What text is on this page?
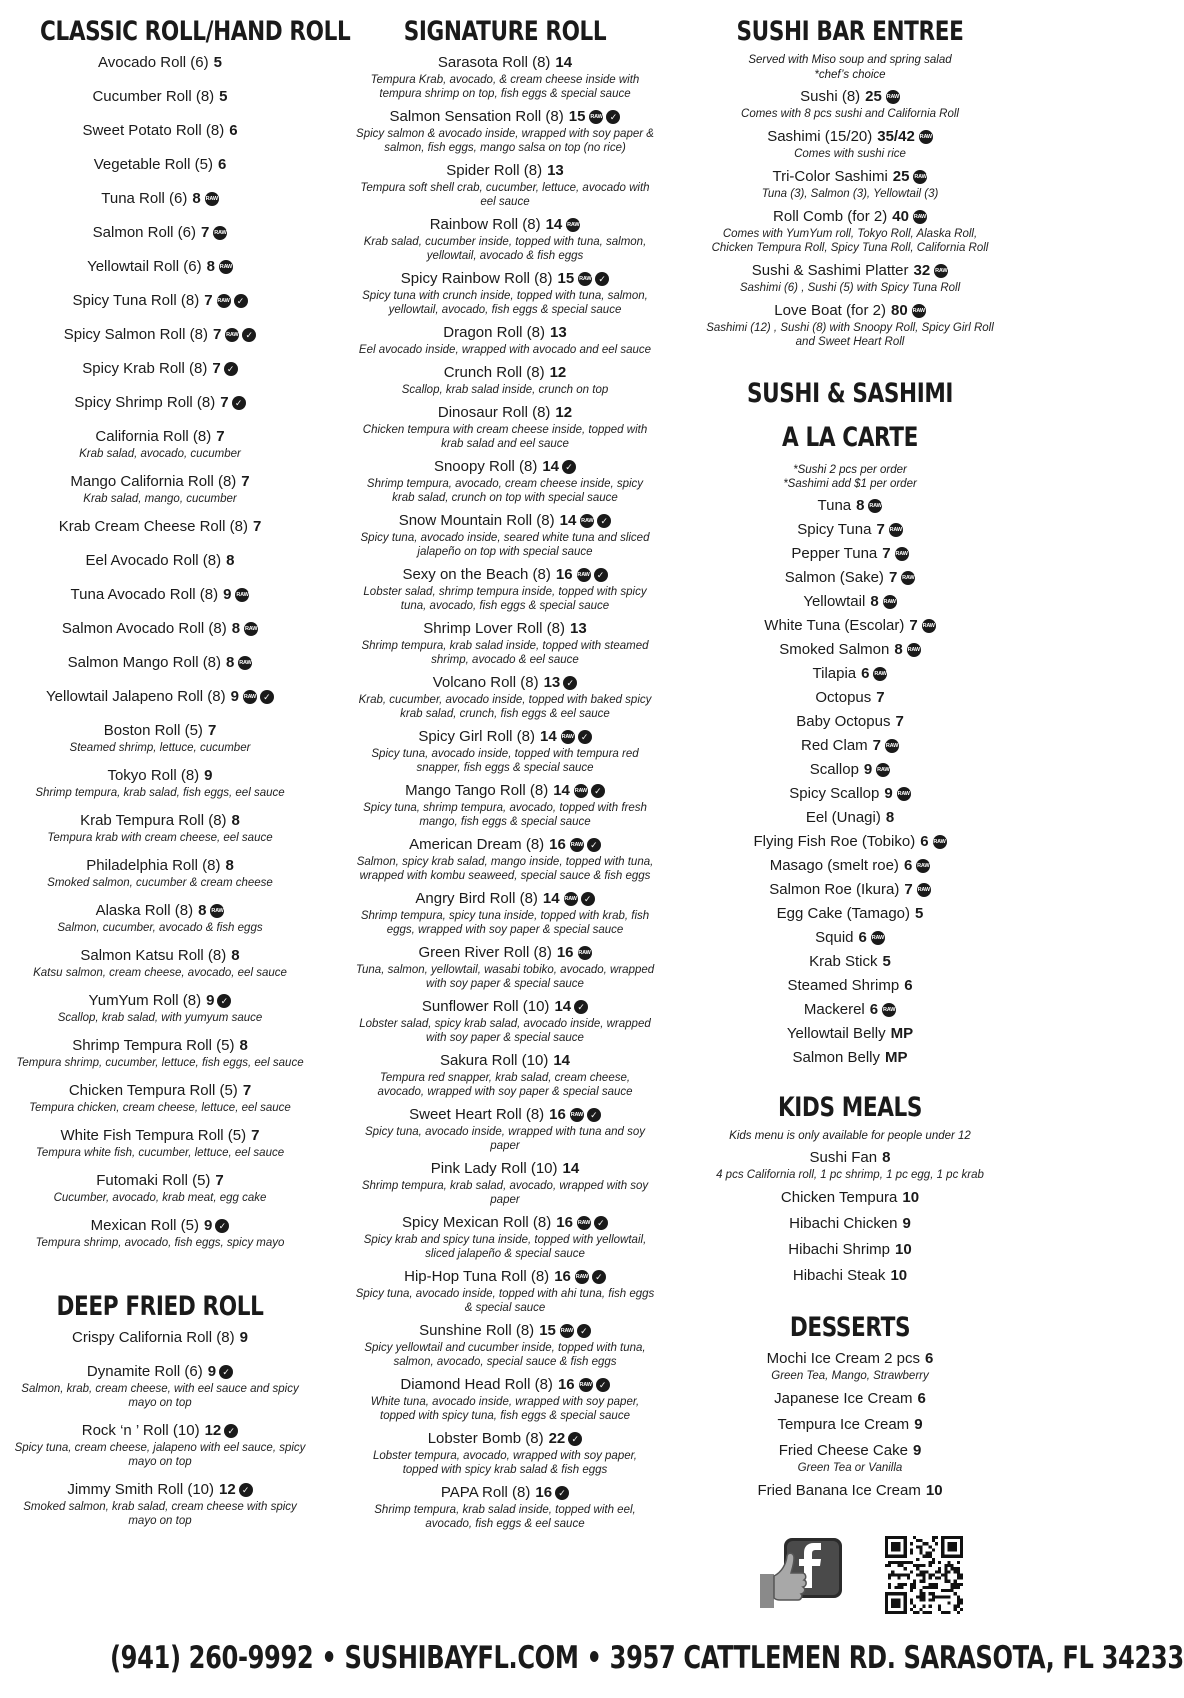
CLASSIC ROLL/HAND ROLL
Avocado Roll (6) 5
Cucumber Roll (8) 5
Sweet Potato Roll (8) 6
Vegetable Roll (5) 6
Tuna Roll (6) 8 RAW
Salmon Roll (6) 7 RAW
Yellowtail Roll (6) 8 RAW
Spicy Tuna Roll (8) 7 RAW ✓
Spicy Salmon Roll (8) 7 RAW ✓
Spicy Krab Roll (8) 7 ✓
Spicy Shrimp Roll (8) 7 ✓
California Roll (8) 7
Krab salad, avocado, cucumber
Mango California Roll (8) 7
Krab salad, mango, cucumber
Krab Cream Cheese Roll (8) 7
Eel Avocado Roll (8) 8
Tuna Avocado Roll (8) 9 RAW
Salmon Avocado Roll (8) 8 RAW
Salmon Mango Roll (8) 8 RAW
Yellowtail Jalapeno Roll (8) 9 RAW ✓
Boston Roll (5) 7
Steamed shrimp, lettuce, cucumber
Tokyo Roll (8) 9
Shrimp tempura, krab salad, fish eggs, eel sauce
Krab Tempura Roll (8) 8
Tempura krab with cream cheese, eel sauce
Philadelphia Roll (8) 8
Smoked salmon, cucumber & cream cheese
Alaska Roll (8) 8 RAW
Salmon, cucumber, avocado & fish eggs
Salmon Katsu Roll (8) 8
Katsu salmon, cream cheese, avocado, eel sauce
YumYum Roll (8) 9 ✓
Scallop, krab salad, with yumyum sauce
Shrimp Tempura Roll (5) 8
Tempura shrimp, cucumber, lettuce, fish eggs, eel sauce
Chicken Tempura Roll (5) 7
Tempura chicken, cream cheese, lettuce, eel sauce
White Fish Tempura Roll (5) 7
Tempura white fish, cucumber, lettuce, eel sauce
Futomaki Roll (5) 7
Cucumber, avocado, krab meat, egg cake
Mexican Roll (5) 9 ✓
Tempura shrimp, avocado, fish eggs, spicy mayo
DEEP FRIED ROLL
Crispy California Roll (8) 9
Dynamite Roll (6) 9 ✓
Salmon, krab, cream cheese, with eel sauce and spicy mayo on top
Rock ‘n ’ Roll (10) 12 ✓
Spicy tuna, cream cheese, jalapeno with eel sauce, spicy mayo on top
Jimmy Smith Roll (10) 12 ✓
Smoked salmon, krab salad, cream cheese with spicy mayo on top
SIGNATURE ROLL
Sarasota Roll (8) 14
Tempura Krab, avocado, & cream cheese inside with tempura shrimp on top, fish eggs & special sauce
Salmon Sensation Roll (8) 15 RAW ✓
Spicy salmon & avocado inside, wrapped with soy paper & salmon, fish eggs, mango salsa on top (no rice)
Spider Roll (8) 13
Tempura soft shell crab, cucumber, lettuce, avocado with eel sauce
Rainbow Roll (8) 14 RAW
Krab salad, cucumber inside, topped with tuna, salmon, yellowtail, avocado & fish eggs
Spicy Rainbow Roll (8) 15 RAW ✓
Spicy tuna with crunch inside, topped with tuna, salmon, yellowtail, avocado, fish eggs & special sauce
Dragon Roll (8) 13
Eel avocado inside, wrapped with avocado and eel sauce
Crunch Roll (8) 12
Scallop, krab salad inside, crunch on top
Dinosaur Roll (8) 12
Chicken tempura with cream cheese inside, topped with krab salad and eel sauce
Snoopy Roll (8) 14 ✓
Shrimp tempura, avocado, cream cheese inside, spicy krab salad, crunch on top with special sauce
Snow Mountain Roll (8) 14 RAW ✓
Spicy tuna, avocado inside, seared white tuna and sliced jalapeño on top with special sauce
Sexy on the Beach (8) 16 RAW ✓
Lobster salad, shrimp tempura inside, topped with spicy tuna, avocado, fish eggs & special sauce
Shrimp Lover Roll (8) 13
Shrimp tempura, krab salad inside, topped with steamed shrimp, avocado & eel sauce
Volcano Roll (8) 13 ✓
Krab, cucumber, avocado inside, topped with baked spicy krab salad, crunch, fish eggs & eel sauce
Spicy Girl Roll (8) 14 RAW ✓
Spicy tuna, avocado inside, topped with tempura red snapper, fish eggs & special sauce
Mango Tango Roll (8) 14 RAW ✓
Spicy tuna, shrimp tempura, avocado, topped with fresh mango, fish eggs & special sauce
American Dream (8) 16 RAW ✓
Salmon, spicy krab salad, mango inside, topped with tuna, wrapped with kombu seaweed, special sauce & fish eggs
Angry Bird Roll (8) 14 RAW ✓
Shrimp tempura, spicy tuna inside, topped with krab, fish eggs, wrapped with soy paper & special sauce
Green River Roll (8) 16 RAW
Tuna, salmon, yellowtail, wasabi tobiko, avocado, wrapped with soy paper & special sauce
Sunflower Roll (10) 14 ✓
Lobster salad, spicy krab salad, avocado inside, wrapped with soy paper & special sauce
Sakura Roll (10) 14
Tempura red snapper, krab salad, cream cheese, avocado, wrapped with soy paper & special sauce
Sweet Heart Roll (8) 16 RAW ✓
Spicy tuna, avocado inside, wrapped with tuna and soy paper
Pink Lady Roll (10) 14
Shrimp tempura, krab salad, avocado, wrapped with soy paper
Spicy Mexican Roll (8) 16 RAW ✓
Spicy krab and spicy tuna inside, topped with yellowtail, sliced jalapeño & special sauce
Hip-Hop Tuna Roll (8) 16 RAW ✓
Spicy tuna, avocado inside, topped with ahi tuna, fish eggs & special sauce
Sunshine Roll (8) 15 RAW ✓
Spicy yellowtail and cucumber inside, topped with tuna, salmon, avocado, special sauce & fish eggs
Diamond Head Roll (8) 16 RAW ✓
White tuna, avocado inside, wrapped with soy paper, topped with spicy tuna, fish eggs & special sauce
Lobster Bomb (8) 22 ✓
Lobster tempura, avocado, wrapped with soy paper, topped with spicy krab salad & fish eggs
PAPA Roll (8) 16 ✓
Shrimp tempura, krab salad inside, topped with eel, avocado, fish eggs & eel sauce
SUSHI BAR ENTREE
Served with Miso soup and spring salad
*chef’s choice
Sushi (8) 25 RAW
Comes with 8 pcs sushi and California Roll
Sashimi (15/20) 35/42 RAW
Comes with sushi rice
Tri-Color Sashimi 25 RAW
Tuna (3), Salmon (3), Yellowtail (3)
Roll Comb (for 2) 40 RAW
Comes with YumYum roll, Tokyo Roll, Alaska Roll, Chicken Tempura Roll, Spicy Tuna Roll, California Roll
Sushi & Sashimi Platter 32 RAW
Sashimi (6) , Sushi (5) with Spicy Tuna Roll
Love Boat (for 2) 80 RAW
Sashimi (12) , Sushi (8) with Snoopy Roll, Spicy Girl Roll and Sweet Heart Roll
SUSHI & SASHIMI
A LA CARTE
*Sushi 2 pcs per order
*Sashimi add $1 per order
Tuna 8 RAW
Spicy Tuna 7 RAW
Pepper Tuna 7 RAW
Salmon (Sake) 7 RAW
Yellowtail 8 RAW
White Tuna (Escolar) 7 RAW
Smoked Salmon 8 RAW
Tilapia 6 RAW
Octopus 7
Baby Octopus 7
Red Clam 7 RAW
Scallop 9 RAW
Spicy Scallop 9 RAW
Eel (Unagi) 8
Flying Fish Roe (Tobiko) 6 RAW
Masago (smelt roe) 6 RAW
Salmon Roe (Ikura) 7 RAW
Egg Cake (Tamago) 5
Squid 6 RAW
Krab Stick 5
Steamed Shrimp 6
Mackerel 6 RAW
Yellowtail Belly MP
Salmon Belly MP
KIDS MEALS
Kids menu is only available for people under 12
Sushi Fan 8
4 pcs California roll, 1 pc shrimp, 1 pc egg, 1 pc krab
Chicken Tempura 10
Hibachi Chicken 9
Hibachi Shrimp 10
Hibachi Steak 10
DESSERTS
Mochi Ice Cream 2 pcs 6
Green Tea, Mango, Strawberry
Japanese Ice Cream 6
Tempura Ice Cream 9
Fried Cheese Cake 9
Green Tea or Vanilla
Fried Banana Ice Cream 10
(941) 260-9992 • SUSHIBAYFL.COM • 3957 CATTLEMEN RD. SARASOTA, FL 34233
